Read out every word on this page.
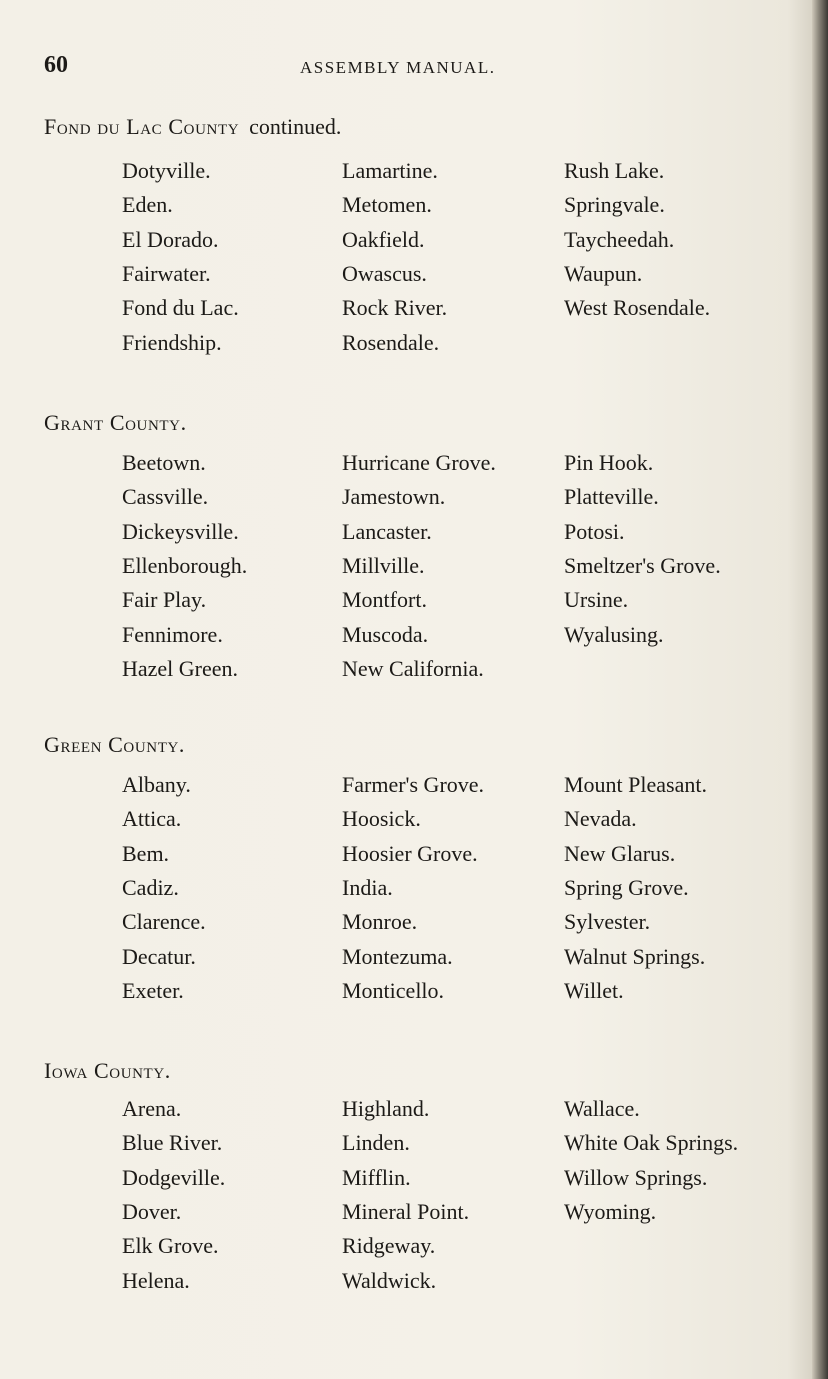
60	ASSEMBLY MANUAL.
Fond du Lac County continued.
Dotyville.	Lamartine.	Rush Lake.
Eden.	Metomen.	Springvale.
El Dorado.	Oakfield.	Taycheedah.
Fairwater.	Owascus.	Waupun.
Fond du Lac.	Rock River.	West Rosendale.
Friendship.	Rosendale.
Grant County.
Beetown.	Hurricane Grove.	Pin Hook.
Cassville.	Jamestown.	Platteville.
Dickeysville.	Lancaster.	Potosi.
Ellenborough.	Millville.	Smeltzer's Grove.
Fair Play.	Montfort.	Ursine.
Fennimore.	Muscoda.	Wyalusing.
Hazel Green.	New California.
Green County.
Albany.	Farmer's Grove.	Mount Pleasant.
Attica.	Hoosick.	Nevada.
Bem.	Hoosier Grove.	New Glarus.
Cadiz.	India.	Spring Grove.
Clarence.	Monroe.	Sylvester.
Decatur.	Montezuma.	Walnut Springs.
Exeter.	Monticello.	Willet.
Iowa County.
Arena.	Highland.	Wallace.
Blue River.	Linden.	White Oak Springs.
Dodgeville.	Mifflin.	Willow Springs.
Dover.	Mineral Point.	Wyoming.
Elk Grove.	Ridgeway.
Helena.	Waldwick.
